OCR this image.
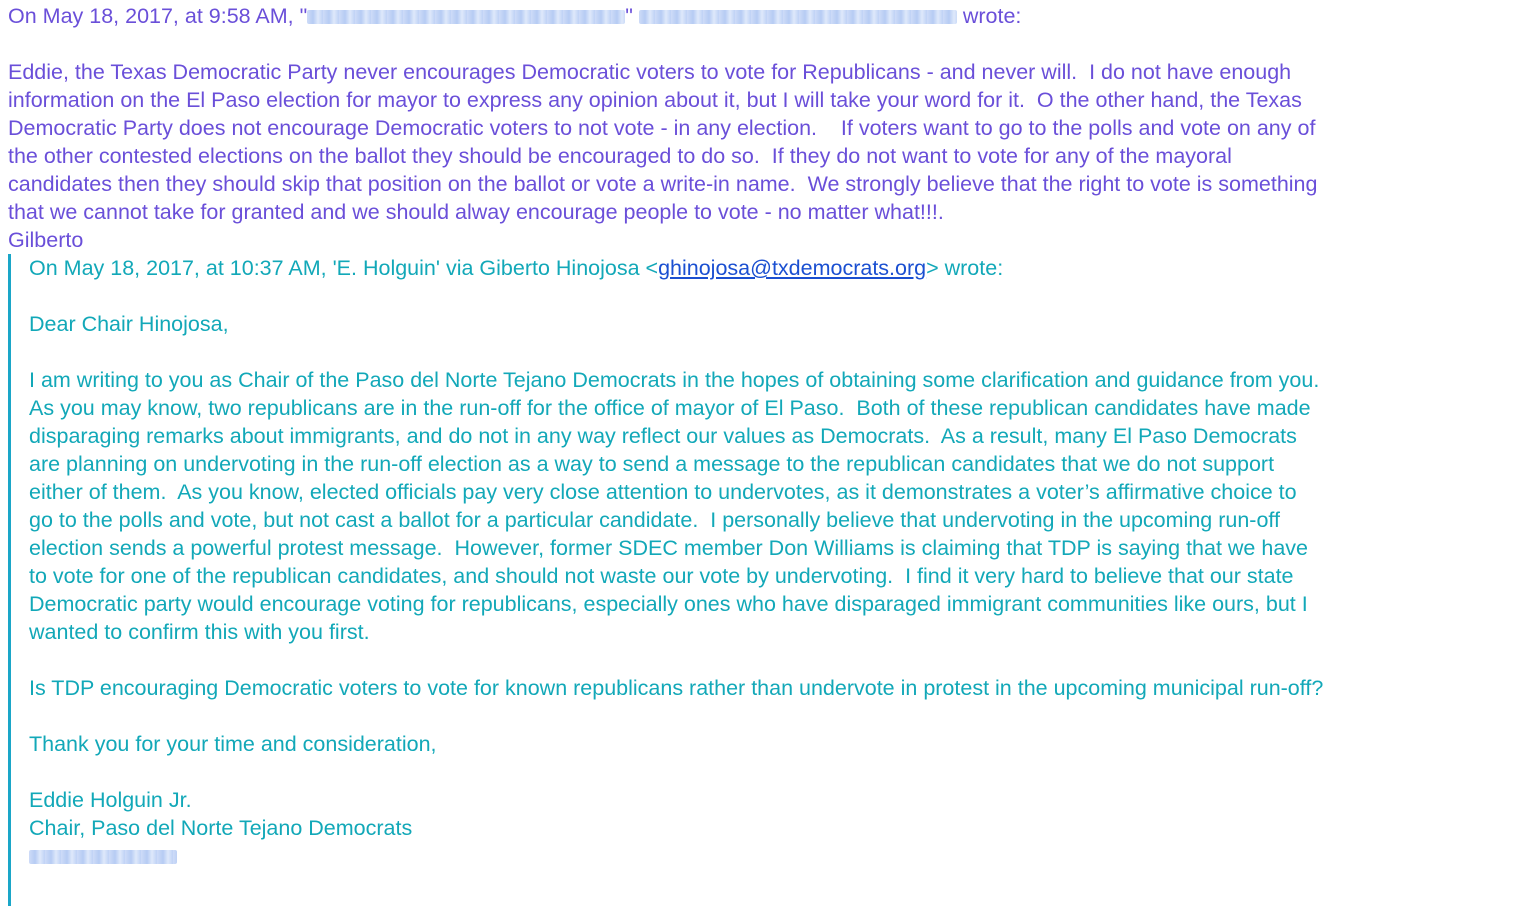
On May 18, 2017, at 9:58 AM, "	"	wrote:
Eddie, the Texas Democratic Party never encourages Democratic voters to vote for Republicans - and never will.  I do not have enough
information on the El Paso election for mayor to express any opinion about it, but I will take your word for it.  O the other hand, the Texas
Democratic Party does not encourage Democratic voters to not vote - in any election.    If voters want to go to the polls and vote on any of
the other contested elections on the ballot they should be encouraged to do so.  If they do not want to vote for any of the mayoral
candidates then they should skip that position on the ballot or vote a write-in name.  We strongly believe that the right to vote is something
that we cannot take for granted and we should alway encourage people to vote - no matter what!!!.
Gilberto
On May 18, 2017, at 10:37 AM, 'E. Holguin' via Giberto Hinojosa <ghinojosa@txdemocrats.org> wrote:
Dear Chair Hinojosa,
I am writing to you as Chair of the Paso del Norte Tejano Democrats in the hopes of obtaining some clarification and guidance from you.
As you may know, two republicans are in the run-off for the office of mayor of El Paso.  Both of these republican candidates have made
disparaging remarks about immigrants, and do not in any way reflect our values as Democrats.  As a result, many El Paso Democrats
are planning on undervoting in the run-off election as a way to send a message to the republican candidates that we do not support
either of them.  As you know, elected officials pay very close attention to undervotes, as it demonstrates a voter’s affirmative choice to
go to the polls and vote, but not cast a ballot for a particular candidate.  I personally believe that undervoting in the upcoming run-off
election sends a powerful protest message.  However, former SDEC member Don Williams is claiming that TDP is saying that we have
to vote for one of the republican candidates, and should not waste our vote by undervoting.  I find it very hard to believe that our state
Democratic party would encourage voting for republicans, especially ones who have disparaged immigrant communities like ours, but I
wanted to confirm this with you first.
Is TDP encouraging Democratic voters to vote for known republicans rather than undervote in protest in the upcoming municipal run-off?
Thank you for your time and consideration,
Eddie Holguin Jr.
Chair, Paso del Norte Tejano Democrats
